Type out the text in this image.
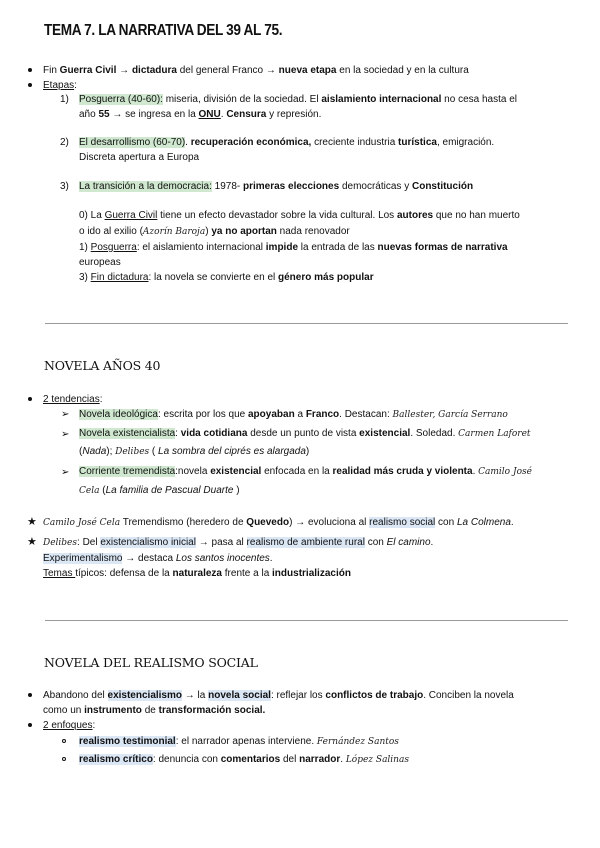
TEMA 7. LA NARRATIVA DEL 39 AL 75.
Fin Guerra Civil → dictadura del general Franco → nueva etapa en la sociedad y en la cultura
Etapas:
1) Posguerra (40-60): miseria, división de la sociedad. El aislamiento internacional no cesa hasta el
año 55 → se ingresa en la ONU. Censura y represión.
2) El desarrollismo (60-70). recuperación económica, creciente industria turística, emigración.
Discreta apertura a Europa
3) La transición a la democracia: 1978- primeras elecciones democráticas y Constitución
0) La Guerra Civil tiene un efecto devastador sobre la vida cultural. Los autores que no han muerto
o ido al exilio (Azorín Baroja) ya no aportan nada renovador
1) Posguerra: el aislamiento internacional impide la entrada de las nuevas formas de narrativa
europeas
3) Fin dictadura: la novela se convierte en el género más popular
NOVELA AÑOS 40
2 tendencias:
➢ Novela ideológica: escrita por los que apoyaban a Franco. Destacan: Ballester, García Serrano
➢ Novela existencialista: vida cotidiana desde un punto de vista existencial. Soledad. Carmen Laforet
(Nada); Delibes ( La sombra del ciprés es alargada)
➢ Corriente tremendista:novela existencial enfocada en la realidad más cruda y violenta. Camilo José
Cela (La familia de Pascual Duarte )
★ Camilo José Cela Tremendismo (heredero de Quevedo) → evoluciona al realismo social con La Colmena.
★ Delibes: Del existencialismo inicial → pasa al realismo de ambiente rural con El camino.
Experimentalismo → destaca Los santos inocentes.
Temas típicos: defensa de la naturaleza frente a la industrialización
NOVELA DEL REALISMO SOCIAL
Abandono del existencialismo → la novela social: reflejar los conflictos de trabajo. Conciben la novela
como un instrumento de transformación social.
2 enfoques:
realismo testimonial: el narrador apenas interviene. Fernández Santos
realismo crítico: denuncia con comentarios del narrador. López Salinas
